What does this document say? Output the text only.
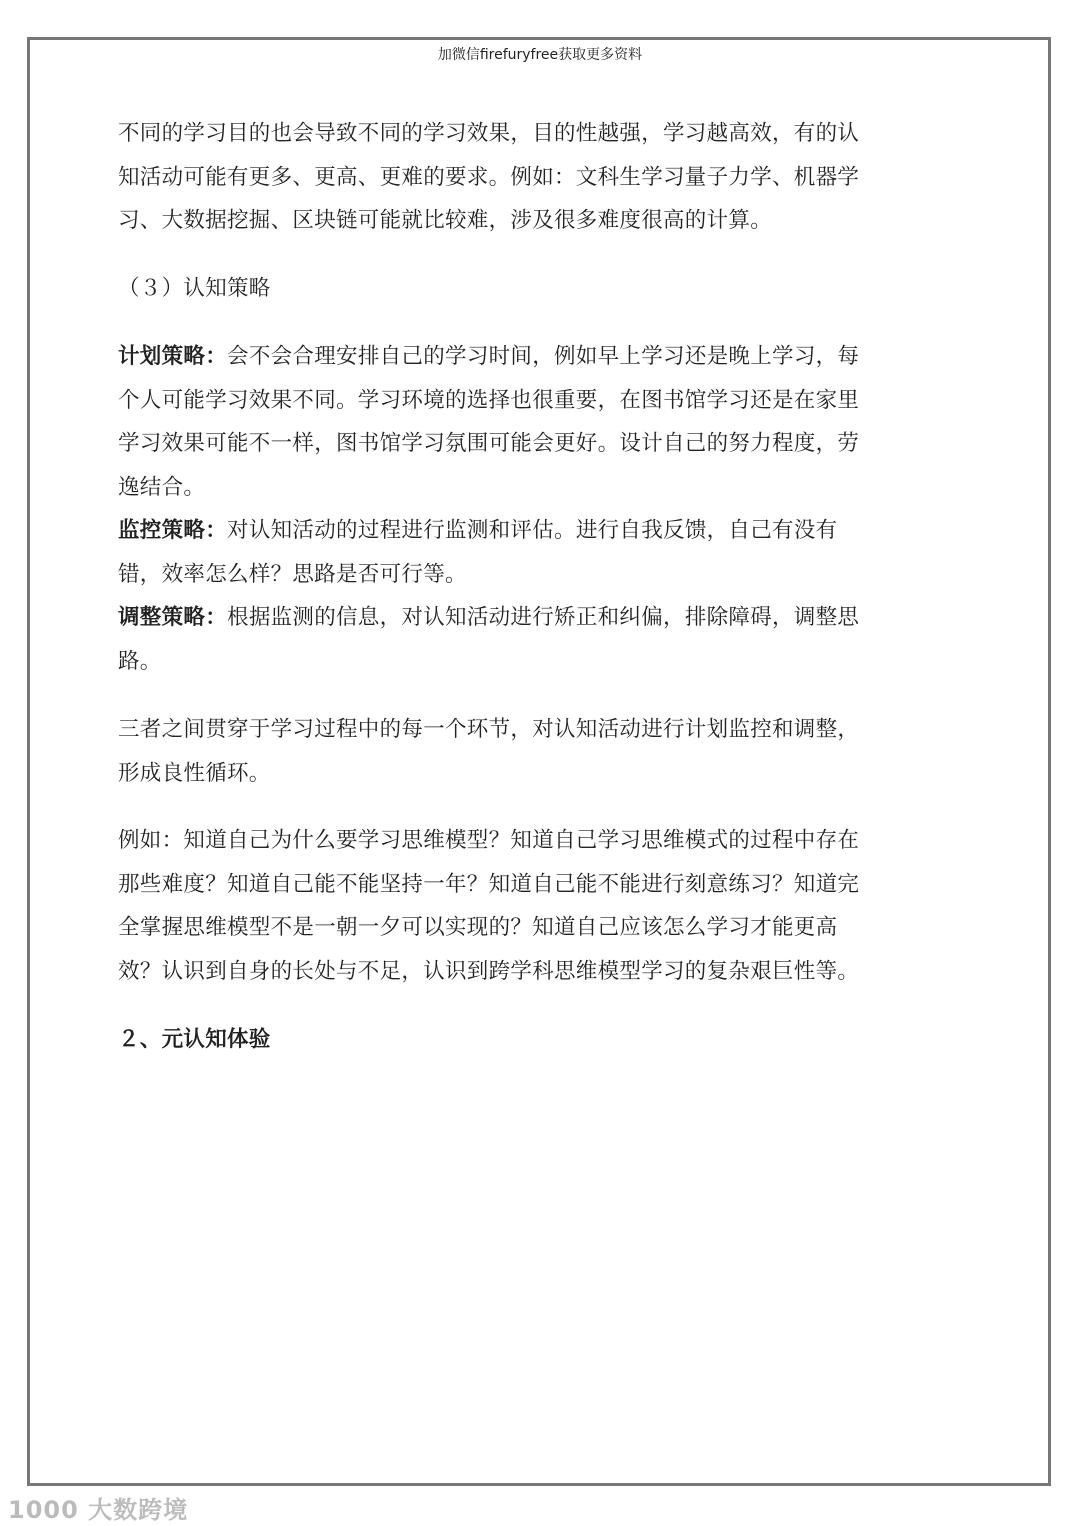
加微信firefuryfree获取更多资料
不同的学习目的也会导致不同的学习效果，目的性越强，学习越高效，有的认
知活动可能有更多、更高、更难的要求。例如：文科生学习量子力学、机器学
习、大数据挖掘、区块链可能就比较难，涉及很多难度很高的计算。
（３）认知策略
计划策略：会不会合理安排自己的学习时间，例如早上学习还是晚上学习，每
个人可能学习效果不同。学习环境的选择也很重要，在图书馆学习还是在家里
学习效果可能不一样，图书馆学习氛围可能会更好。设计自己的努力程度，劳
逸结合。
监控策略：对认知活动的过程进行监测和评估。进行自我反馈，自己有没有
错，效率怎么样？思路是否可行等。
调整策略：根据监测的信息，对认知活动进行矫正和纠偏，排除障碍，调整思
路。
三者之间贯穿于学习过程中的每一个环节，对认知活动进行计划监控和调整，
形成良性循环。
例如：知道自己为什么要学习思维模型？知道自己学习思维模式的过程中存在
那些难度？知道自己能不能坚持一年？知道自己能不能进行刻意练习？知道完
全掌握思维模型不是一朝一夕可以实现的？知道自己应该怎么学习才能更高
效？认识到自身的长处与不足，认识到跨学科思维模型学习的复杂艰巨性等。
２、元认知体验
1000 大数跨境
